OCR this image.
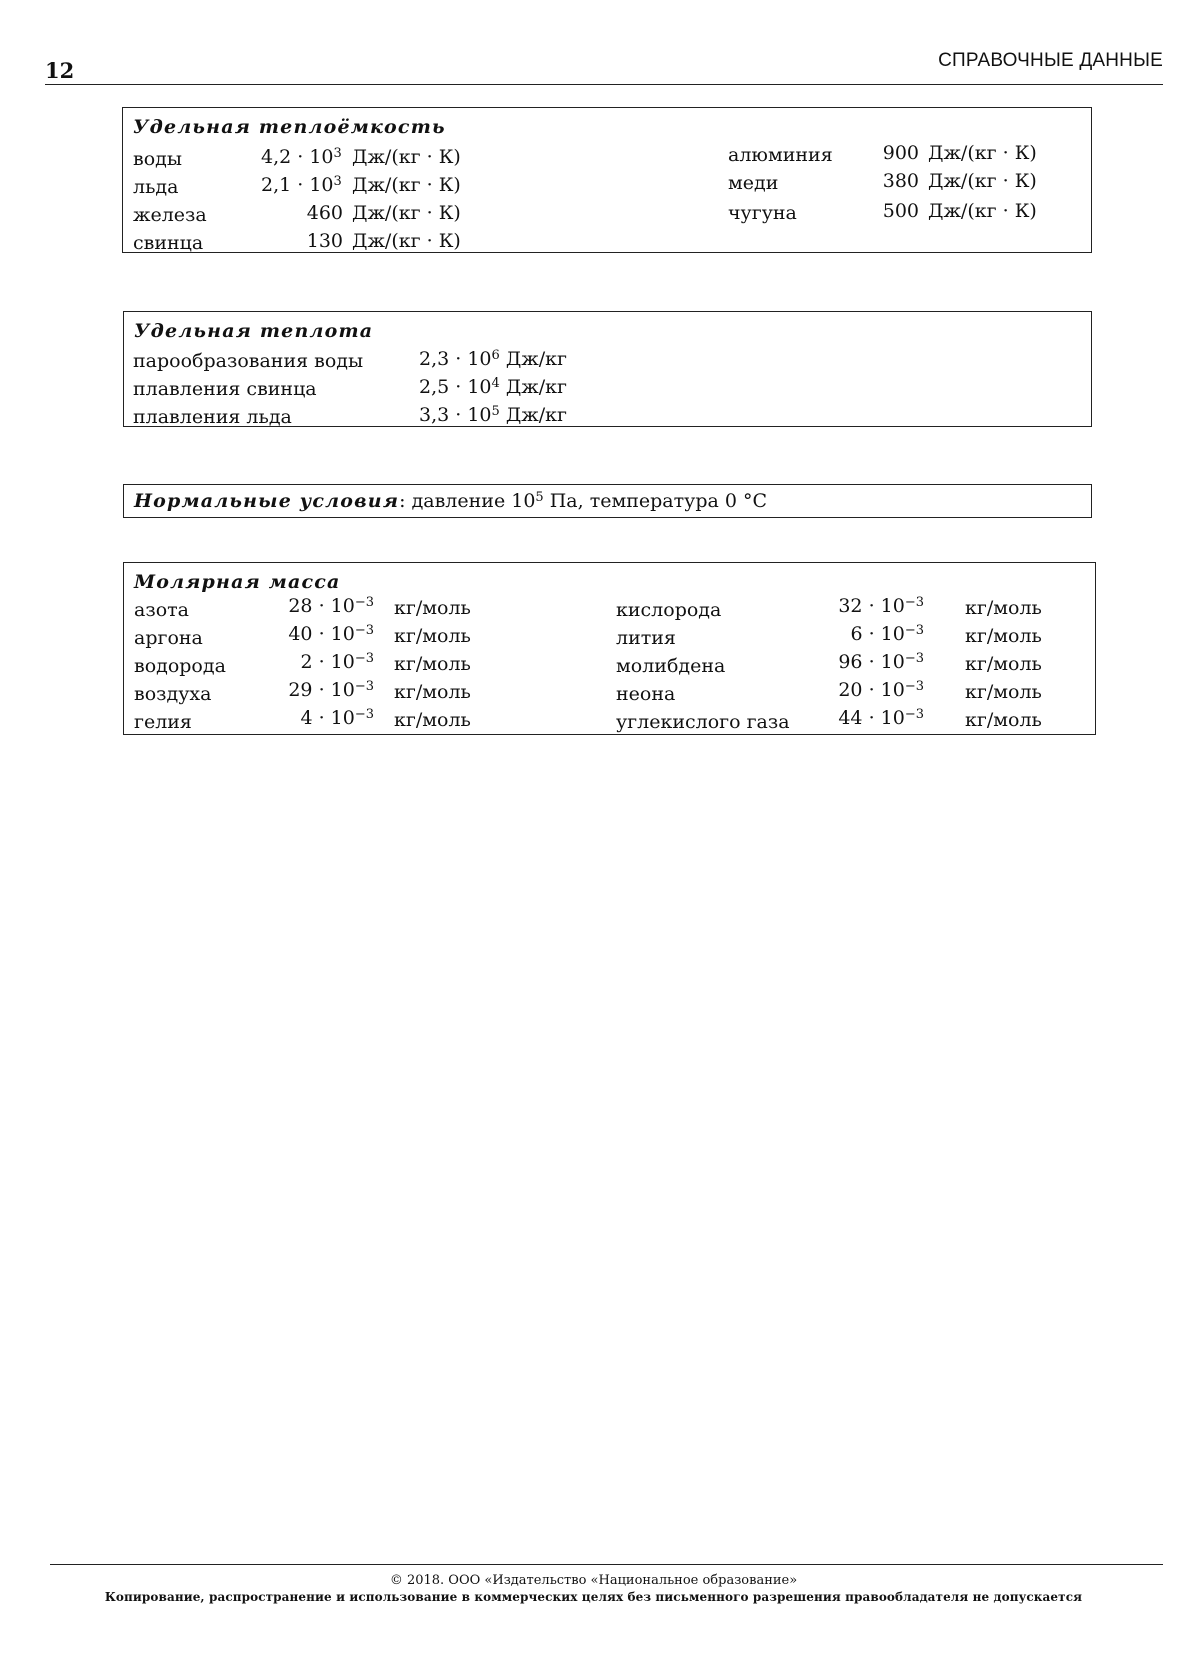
12	СПРАВОЧНЫЕ ДАННЫЕ
Удельная теплоёмкость
воды	$4,2 \cdot 10^3$ Дж/(кг · К)
льда	$2,1 \cdot 10^3$ Дж/(кг · К)
железа	460 Дж/(кг · К)
свинца	130 Дж/(кг · К)
алюминия	900 Дж/(кг · К)
меди	380 Дж/(кг · К)
чугуна	500 Дж/(кг · К)
Удельная теплота
парообразования воды	$2,3 \cdot 10^6$ Дж/кг
плавления свинца	$2,5 \cdot 10^4$ Дж/кг
плавления льда	$3,3 \cdot 10^5$ Дж/кг
Нормальные условия: давление $10^5$ Па, температура 0 °С
Молярная масса
азота	$28 \cdot 10^{-3}$ кг/моль
аргона	$40 \cdot 10^{-3}$ кг/моль
водорода	$2 \cdot 10^{-3}$ кг/моль
воздуха	$29 \cdot 10^{-3}$ кг/моль
гелия	$4 \cdot 10^{-3}$ кг/моль
кислорода	$32 \cdot 10^{-3}$ кг/моль
лития	$6 \cdot 10^{-3}$ кг/моль
молибдена	$96 \cdot 10^{-3}$ кг/моль
неона	$20 \cdot 10^{-3}$ кг/моль
углекислого газа	$44 \cdot 10^{-3}$ кг/моль
© 2018. ООО «Издательство «Национальное образование»
Копирование, распространение и использование в коммерческих целях без письменного разрешения правообладателя не допускается
